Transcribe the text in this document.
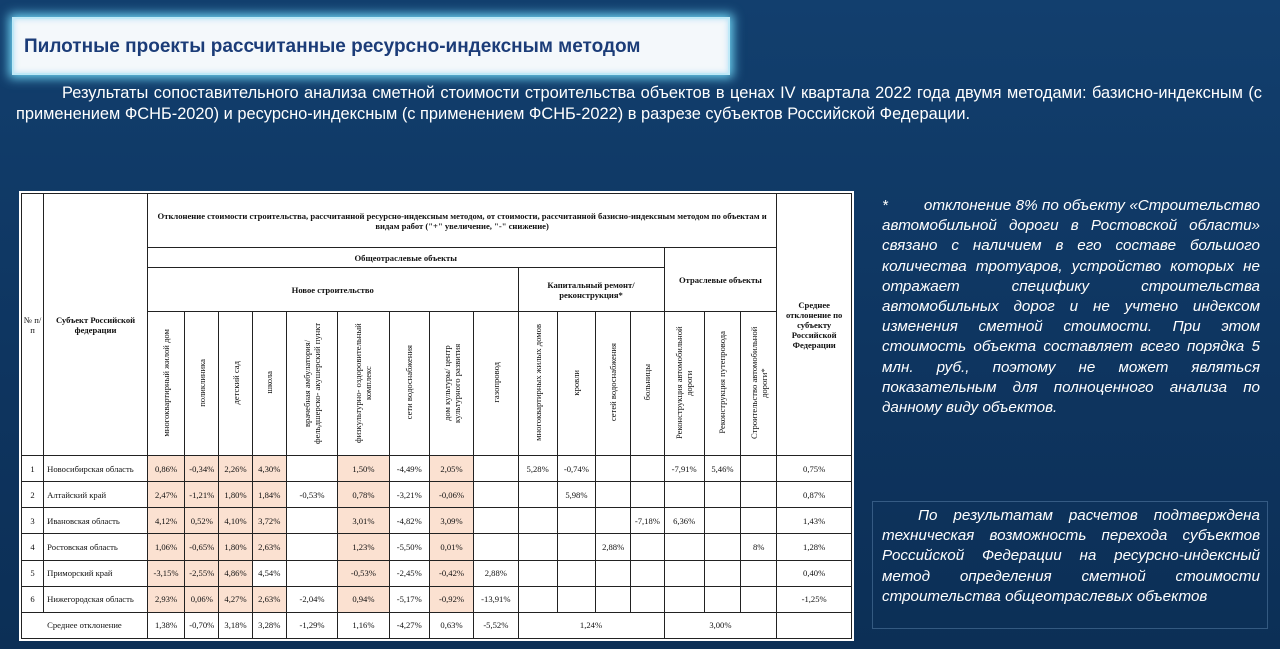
Пилотные проекты рассчитанные ресурсно-индексным методом

Результаты сопоставительного анализа сметной стоимости строительства объектов в ценах IV квартала 2022 года двумя методами: базисно-индексным (с применением ФСНБ-2020) и ресурсно-индексным (с применением ФСНБ-2022) в разрезе субъектов Российской Федерации.

№ п/п	Субъект Российской федерации	Отклонение стоимости строительства, рассчитанной ресурсно-индексным методом, от стоимости, рассчитанной базисно-индексным методом по объектам и видам работ ("+" увеличение, "-" снижение)																Среднее отклонение по субъекту Российской Федерации
		Общеотраслевые объекты													Отраслевые объекты			
		Новое строительство									Капитальный ремонт/реконструкция*							
		многоквартирный жилой дом	поликлиника	детский сад	школа	врачебная амбулатория/ фельдшерско- акушерский пункт	физкультурно- оздоровительный комплекс	сети водоснабжения	дом культуры/ центр культурного развития	газопровод	многоквартирных жилых домов	кровли	сетей водоснабжения	больницы	Реконструкция автомобильной дороги	Реконструкция путепровода	Строительство автомобильной дороги*	
1	Новосибирская область	0,86%	-0,34%	2,26%	4,30%		1,50%	-4,49%	2,05%		5,28%	-0,74%			-7,91%	5,46%		0,75%
2	Алтайский край	2,47%	-1,21%	1,80%	1,84%	-0,53%	0,78%	-3,21%	-0,06%			5,98%						0,87%
3	Ивановская область	4,12%	0,52%	4,10%	3,72%		3,01%	-4,82%	3,09%					-7,18%	6,36%			1,43%
4	Ростовская область	1,06%	-0,65%	1,80%	2,63%		1,23%	-5,50%	0,01%				2,88%				8%	1,28%
5	Приморский край	-3,15%	-2,55%	4,86%	4,54%		-0,53%	-2,45%	-0,42%	2,88%								0,40%
6	Нижегородская область	2,93%	0,06%	4,27%	2,63%	-2,04%	0,94%	-5,17%	-0,92%	-13,91%								-1,25%
Среднее отклонение		1,38%	-0,70%	3,18%	3,28%	-1,29%	1,16%	-4,27%	0,63%	-5,52%	1,24%				3,00%			
* отклонение 8% по объекту «Строительство автомобильной дороги в Ростовской области» связано с наличием в его составе большого количества тротуаров, устройство которых не отражает специфику строительства автомобильных дорог и не учтено индексом изменения сметной стоимости. При этом стоимость объекта составляет всего порядка 5 млн. руб., поэтому не может являться показательным для полноценного анализа по данному виду объектов.

По результатам расчетов подтверждена техническая возможность перехода субъектов Российской Федерации на ресурсно-индексный метод определения сметной стоимости строительства общеотраслевых объектов
